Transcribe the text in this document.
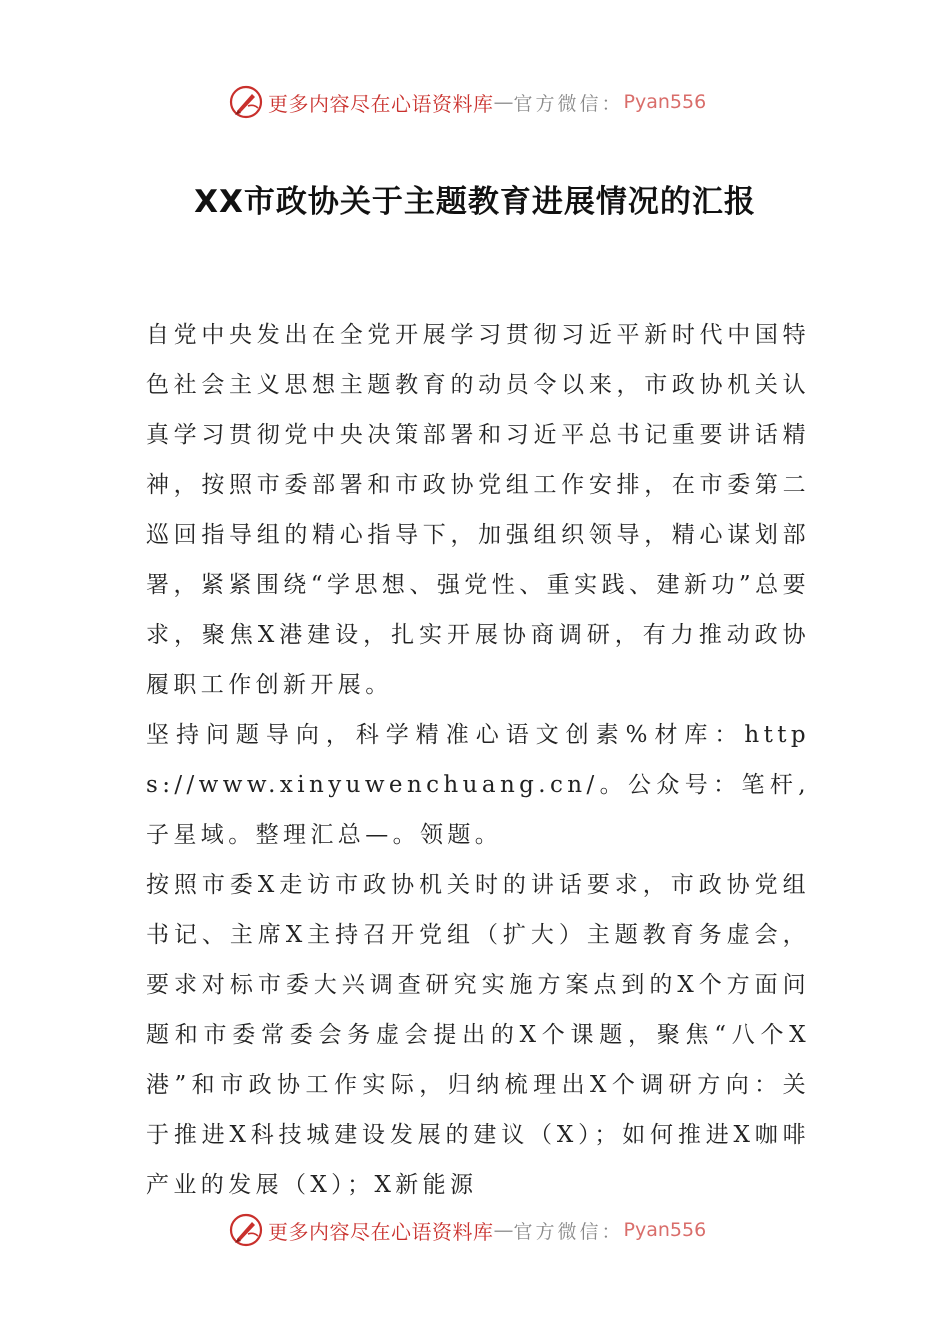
更多内容尽在心语资料库 — 官方微信： Pyan556
XX市政协关于主题教育进展情况的汇报

自党中央发出在全党开展学习贯彻习近平新时代中国特色社会主义思想主题教育的动员令以来，市政协机关认真学习贯彻党中央决策部署和习近平总书记重要讲话精神，按照市委部署和市政协党组工作安排，在市委第二巡回指导组的精心指导下，加强组织领导，精心谋划部署，紧紧围绕“学思想、强党性、重实践、建新功”总要求，聚焦X港建设，扎实开展协商调研，有力推动政协履职工作创新开展。

坚持问题导向，科学精准心语文创素%材库：https://www.xinyuwenchuang.cn/。公众号：笔杆,子星域。整理汇总—。领题。

按照市委X走访市政协机关时的讲话要求，市政协党组书记、主席X主持召开党组（扩大）主题教育务虚会，要求对标市委大兴调查研究实施方案点到的X个方面问题和市委常委会务虚会提出的X个课题，聚焦“八个X港”和市政协工作实际，归纳梳理出X个调研方向：关于推进X科技城建设发展的建议（X）；如何推进X咖啡产业的发展（X）；X新能源

更多内容尽在心语资料库 — 官方微信： Pyan556
